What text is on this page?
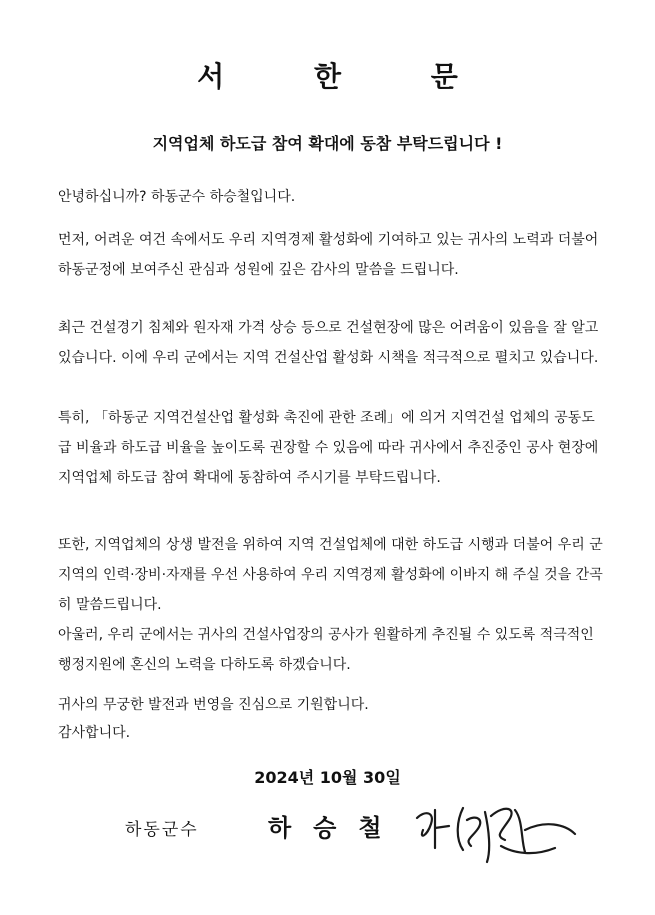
서 한 문
지역업체 하도급 참여 확대에 동참 부탁드립니다 !

안녕하십니까? 하동군수 하승철입니다.

먼저, 어려운 여건 속에서도 우리 지역경제 활성화에 기여하고 있는 귀사의 노력과 더불어 하동군정에 보여주신 관심과 성원에 깊은 감사의 말씀을 드립니다.

최근 건설경기 침체와 원자재 가격 상승 등으로 건설현장에 많은 어려움이 있음을 잘 알고 있습니다. 이에 우리 군에서는 지역 건설산업 활성화 시책을 적극적으로 펼치고 있습니다.

특히, 「하동군 지역건설산업 활성화 촉진에 관한 조례」에 의거 지역건설 업체의 공동도급 비율과 하도급 비율을 높이도록 권장할 수 있음에 따라 귀사에서 추진중인 공사 현장에 지역업체 하도급 참여 확대에 동참하여 주시기를 부탁드립니다.

또한, 지역업체의 상생 발전을 위하여 지역 건설업체에 대한 하도급 시행과 더불어 우리 군 지역의 인력·장비·자재를 우선 사용하여 우리 지역경제 활성화에 이바지 해 주실 것을 간곡히 말씀드립니다.

아울러, 우리 군에서는 귀사의 건설사업장의 공사가 원활하게 추진될 수 있도록 적극적인 행정지원에 혼신의 노력을 다하도록 하겠습니다.

귀사의 무궁한 발전과 번영을 진심으로 기원합니다.

감사합니다.

2024년 10월 30일
하동군수	하승철
